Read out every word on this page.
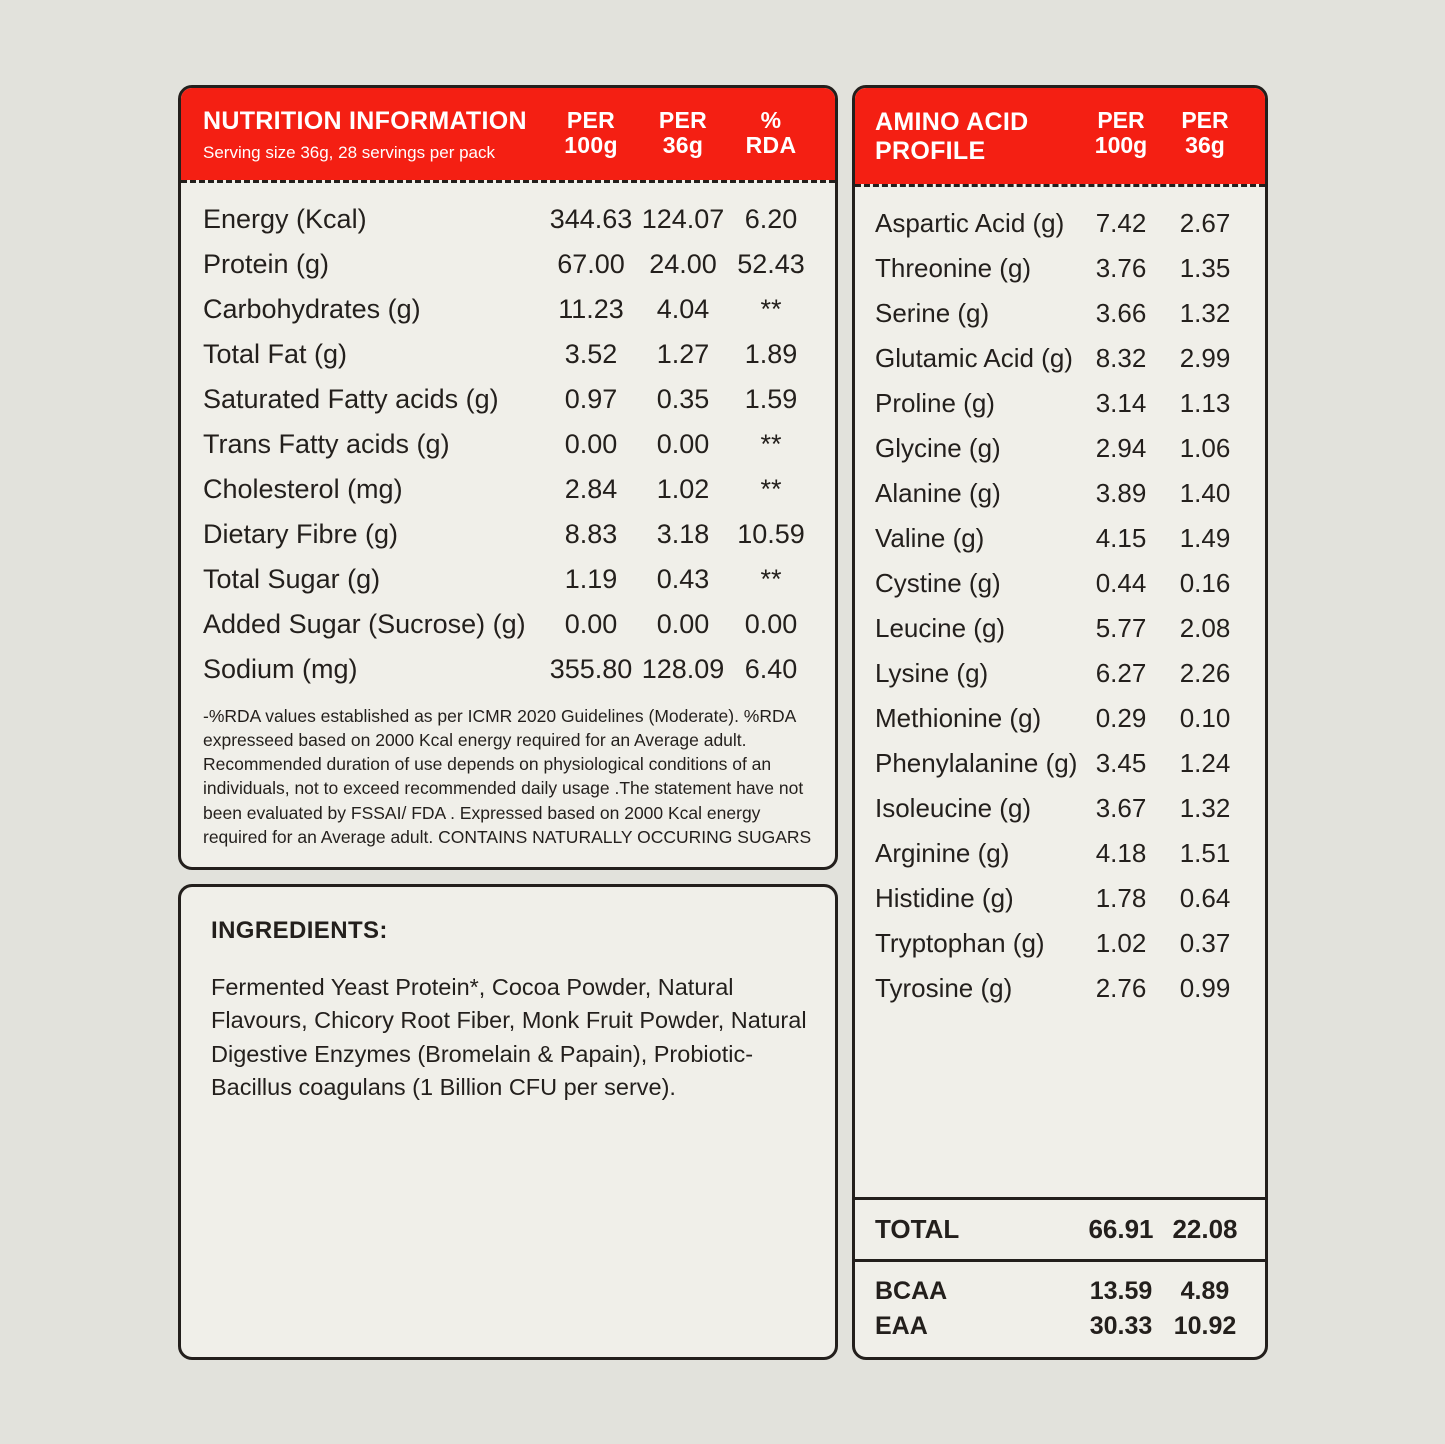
NUTRITION INFORMATION
Serving size 36g, 28 servings per pack
PER
100g
PER
36g
%
RDA
Energy (Kcal)	344.63 124.07 6.20
Protein (g)	67.00 24.00 52.43
Carbohydrates (g)	11.23	4.04	**
Total Fat (g)	3.52	1.27	1.89
Saturated Fatty acids (g)	0.97	0.35	1.59
Trans Fatty acids (g)	0.00	0.00	**
Cholesterol (mg)	2.84	1.02	**
Dietary Fibre (g)	8.83	3.18	10.59
Total Sugar (g)	1.19	0.43	**
Added Sugar (Sucrose) (g)	0.00	0.00	0.00
Sodium (mg)	355.80 128.09 6.40
-%RDA values established as per ICMR 2020 Guidelines (Moderate). %RDA expresseed based on 2000 Kcal energy required for an Average adult. Recommended duration of use depends on physiological conditions of an individuals, not to exceed recommended daily usage .The statement have not been evaluated by FSSAI/ FDA . Expressed based on 2000 Kcal energy required for an Average adult. CONTAINS NATURALLY OCCURING SUGARS
INGREDIENTS:
Fermented Yeast Protein*, Cocoa Powder, Natural Flavours, Chicory Root Fiber, Monk Fruit Powder, Natural Digestive Enzymes (Bromelain & Papain), Probiotic- Bacillus coagulans (1 Billion CFU per serve).
AMINO ACID
PROFILE
PER
100g
PER
36g
Aspartic Acid (g)	7.42	2.67
Threonine (g)	3.76	1.35
Serine (g)	3.66	1.32
Glutamic Acid (g) 8.32	2.99
Proline (g)	3.14	1.13
Glycine (g)	2.94	1.06
Alanine (g)	3.89	1.40
Valine (g)	4.15	1.49
Cystine (g)	0.44	0.16
Leucine (g)	5.77	2.08
Lysine (g)	6.27	2.26
Methionine (g)	0.29	0.10
Phenylalanine (g) 3.45	1.24
Isoleucine (g)	3.67	1.32
Arginine (g)	4.18	1.51
Histidine (g)	1.78	0.64
Tryptophan (g)	1.02	0.37
Tyrosine (g)	2.76	0.99
TOTAL	66.91 22.08
BCAA	13.59	4.89
EAA	30.33 10.92
